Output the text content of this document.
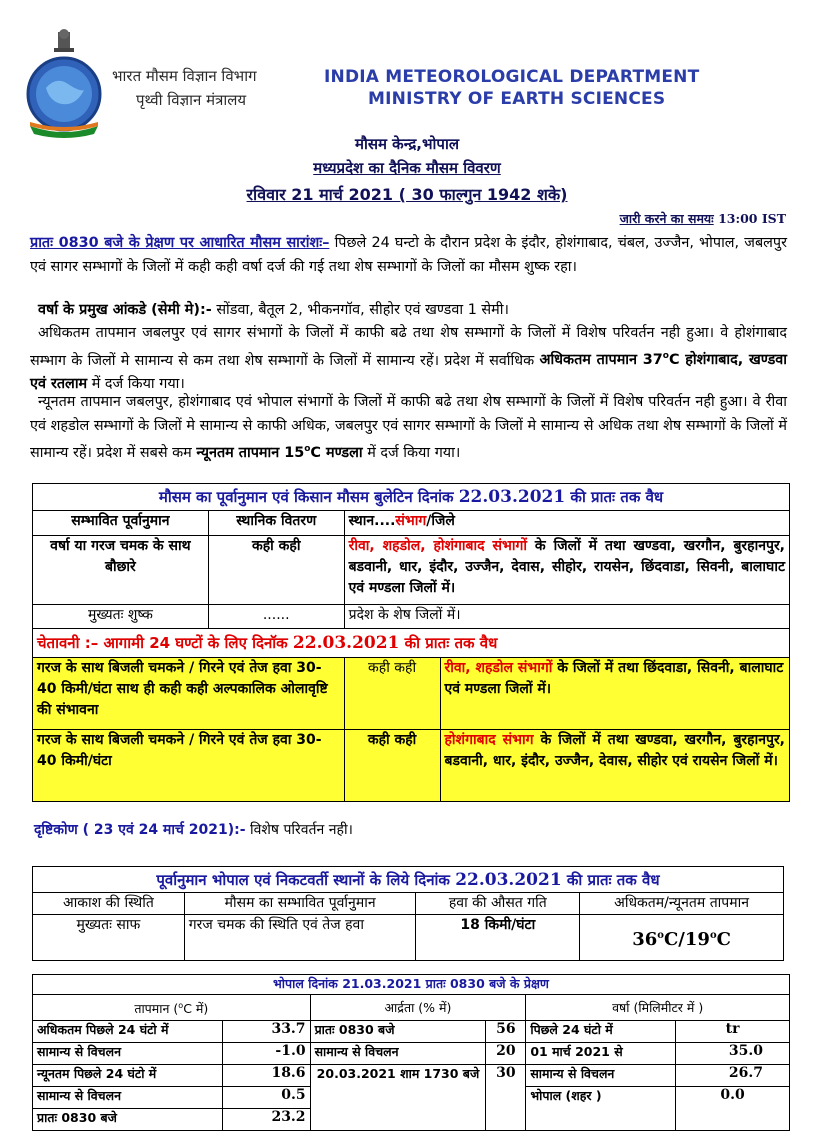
भारत मौसम विज्ञान विभाग
पृथ्वी विज्ञान मंत्रालय
INDIA METEOROLOGICAL DEPARTMENT
MINISTRY OF EARTH SCIENCES
मौसम केन्द्र,भोपाल
मध्यप्रदेश का दैनिक मौसम विवरण
रविवार 21 मार्च 2021 ( 30 फाल्गुन 1942 शके)
जारी करने का समयः 13:00 IST
प्रातः 0830 बजे के प्रेक्षण पर आधारित मौसम सारांशः– पिछले 24 घन्टो के दौरान प्रदेश के इंदौर, होशंगाबाद, चंबल, उज्जैन, भोपाल, जबलपुर एवं सागर सम्भागों के जिलों में कही कही वर्षा दर्ज की गई तथा शेष सम्भागों के जिलों का मौसम शुष्क रहा।
वर्षा के प्रमुख आंकडे (सेमी मे):- सोंडवा, बैतूल 2, भीकनगॉव, सीहोर एवं खण्डवा 1 सेमी।
अधिकतम तापमान जबलपुर एवं सागर संभागों के जिलों में काफी बढे तथा शेष सम्भागों के जिलों में विशेष परिवर्तन नही हुआ। वे होशंगाबाद सम्भाग के जिलों मे सामान्य से कम तथा शेष सम्भागों के जिलों में सामान्य रहें। प्रदेश में सर्वाधिक अधिकतम तापमान 37$^o$C होशंगाबाद, खण्डवा एवं रतलाम में दर्ज किया गया।
न्यूनतम तापमान जबलपुर, होशंगाबाद एवं भोपाल संभागों के जिलों में काफी बढे तथा शेष सम्भागों के जिलों में विशेष परिवर्तन नही हुआ। वे रीवा एवं शहडोल सम्भागों के जिलों मे सामान्य से काफी अधिक, जबलपुर एवं सागर सम्भागों के जिलों मे सामान्य से अधिक तथा शेष सम्भागों के जिलों में सामान्य रहें। प्रदेश में सबसे कम न्यूनतम तापमान 15$^o$C मण्डला में दर्ज किया गया।
मौसम का पूर्वानुमान एवं किसान मौसम बुलेटिन दिनांक 22.03.2021 की प्रातः तक वैध			
सम्भावित पूर्वानुमान	स्थानिक वितरण	स्थान....संभाग/जिले	
वर्षा या गरज चमक के साथ बौछारे	कही कही	रीवा, शहडोल, होशंगाबाद संभागों के जिलों में तथा खण्डवा, खरगौन, बुरहानपुर, बडवानी, धार, इंदौर, उज्जैन, देवास, सीहोर, रायसेन, छिंदवाडा, सिवनी, बालाघाट एवं मण्डला जिलों में।	
मुख्यतः शुष्क	......	प्रदेश के शेष जिलों में।	
चेतावनी :– आगामी 24 घण्टों के लिए दिनॉक 22.03.2021 की प्रातः तक वैध			
गरज के साथ बिजली चमकने / गिरने एवं तेज हवा 30-40 किमी/घंटा साथ ही कही कही अल्पकालिक ओलावृष्टि की संभावना		कही कही	रीवा, शहडोल संभागों के जिलों में तथा छिंदवाडा, सिवनी, बालाघाट एवं मण्डला जिलों में।
गरज के साथ बिजली चमकने / गिरने एवं तेज हवा 30-40 किमी/घंटा		कही कही	होशंगाबाद संभाग के जिलों में तथा खण्डवा, खरगौन, बुरहानपुर, बडवानी, धार, इंदौर, उज्जैन, देवास, सीहोर एवं रायसेन जिलों में।
दृष्टिकोण ( 23 एवं 24 मार्च 2021):- विशेष परिवर्तन नही।
पूर्वानुमान भोपाल एवं निकटवर्ती स्थानों के लिये दिनांक 22.03.2021 की प्रातः तक वैध			
आकाश की स्थिति	मौसम का सम्भावित पूर्वानुमान	हवा की औसत गति	अधिकतम/न्यूनतम तापमान
मुख्यतः साफ	गरज चमक की स्थिति एवं तेज हवा	18 किमी/घंटा	36$^o$C/19$^o$C
भोपाल दिनांक 21.03.2021 प्रातः 0830 बजे के प्रेक्षण					
तापमान ($^o$C में)		आर्द्रता (% में)		वर्षा (मिलिमीटर में )	
अधिकतम पिछले 24 घंटो में	33.7	प्रातः 0830 बजे	56	पिछले 24 घंटो में	tr
सामान्य से विचलन	-1.0	सामान्य से विचलन	20	01 मार्च 2021 से	35.0
न्यूनतम पिछले 24 घंटो में	18.6	20.03.2021 शाम 1730 बजे	30	सामान्य से विचलन	26.7
सामान्य से विचलन	0.5			भोपाल (शहर )	0.0
प्रातः 0830 बजे	23.2				
